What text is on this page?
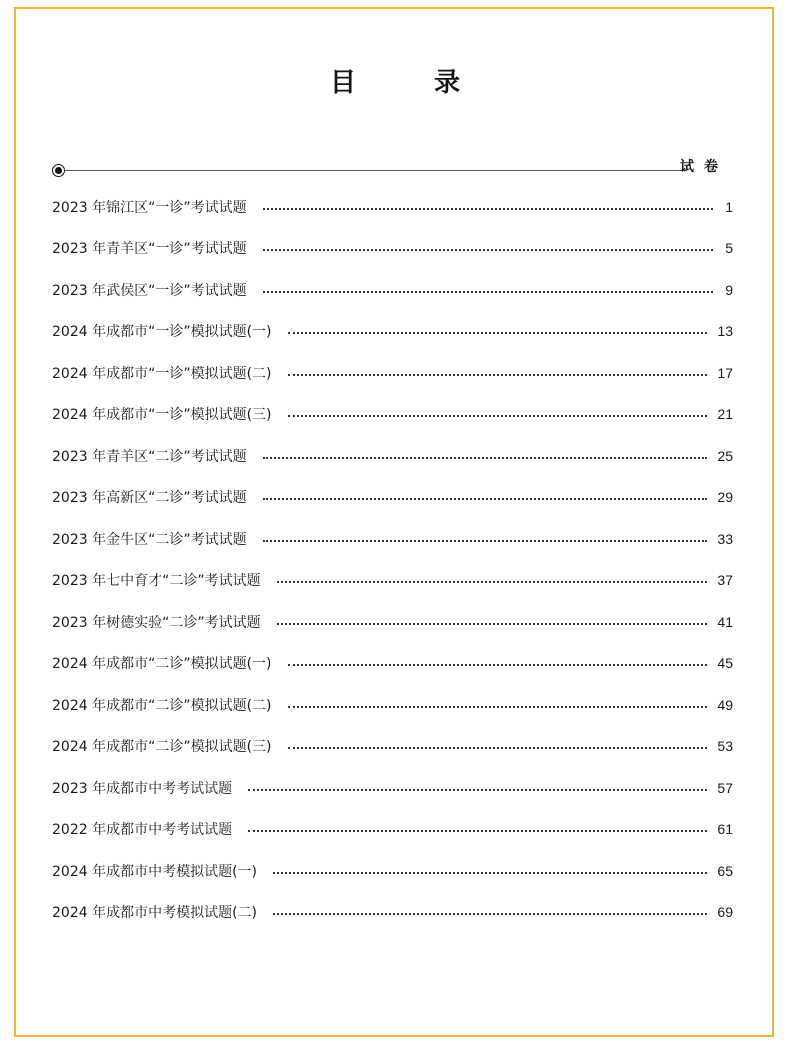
目　录
试卷
2023 年锦江区“一诊”考试试题	1
2023 年青羊区“一诊”考试试题	5
2023 年武侯区“一诊”考试试题	9
2024 年成都市“一诊”模拟试题(一)	13
2024 年成都市“一诊”模拟试题(二)	17
2024 年成都市“一诊”模拟试题(三)	21
2023 年青羊区“二诊”考试试题	25
2023 年高新区“二诊”考试试题	29
2023 年金牛区“二诊”考试试题	33
2023 年七中育才“二诊”考试试题	37
2023 年树德实验“二诊”考试试题	41
2024 年成都市“二诊”模拟试题(一)	45
2024 年成都市“二诊”模拟试题(二)	49
2024 年成都市“二诊”模拟试题(三)	53
2023 年成都市中考考试试题	57
2022 年成都市中考考试试题	61
2024 年成都市中考模拟试题(一)	65
2024 年成都市中考模拟试题(二)	69
